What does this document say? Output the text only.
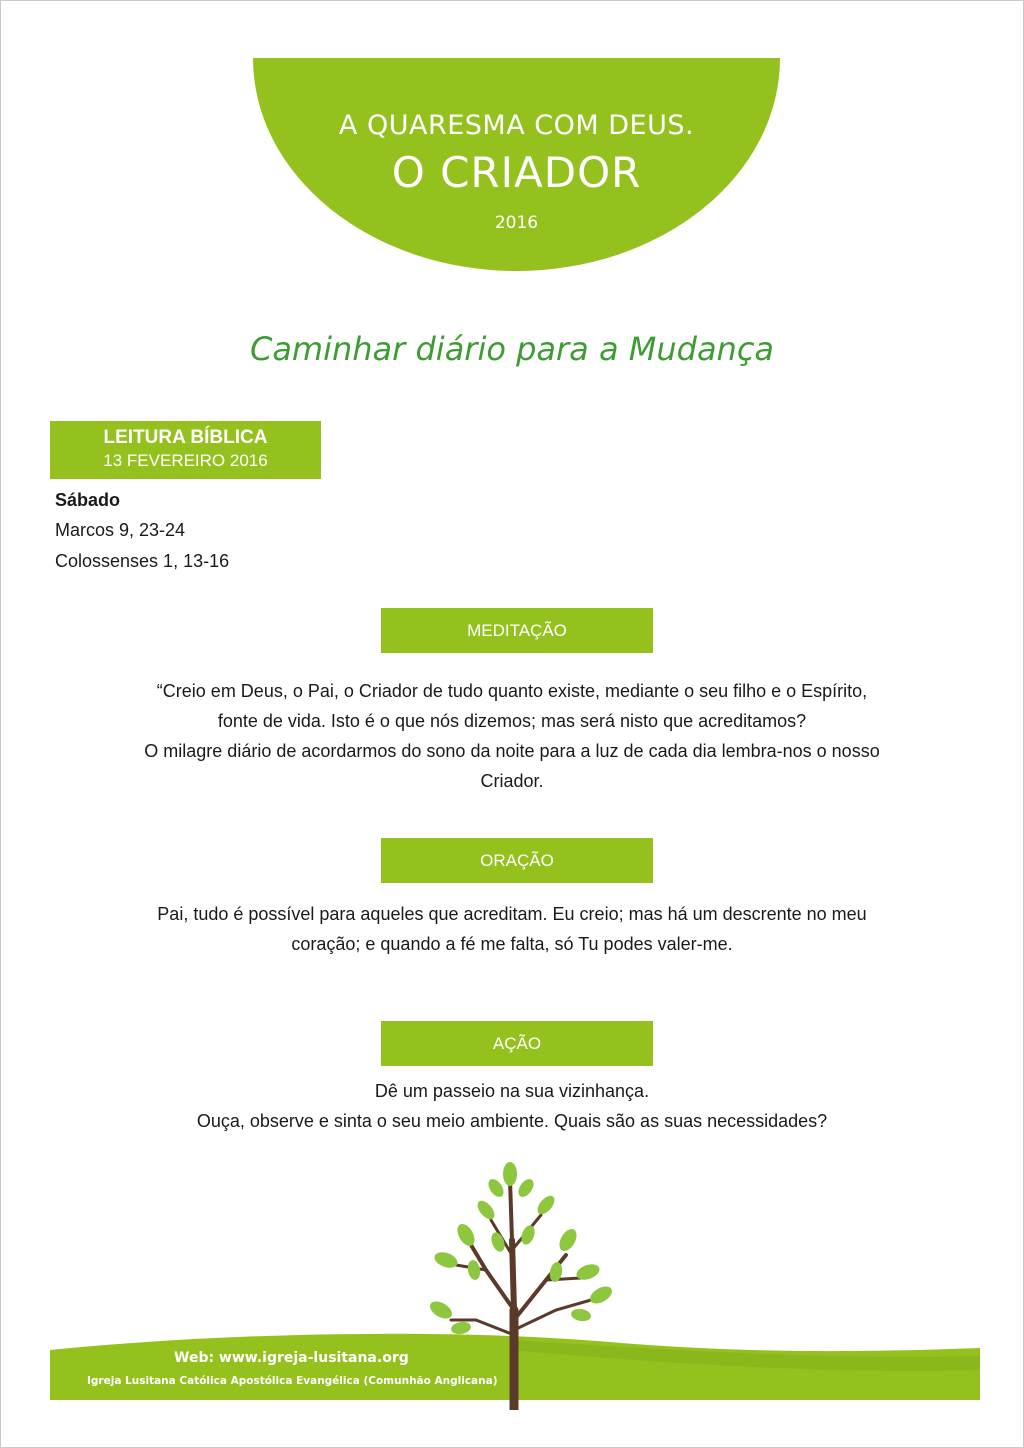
A QUARESMA COM DEUS.
O CRIADOR
2016
Caminhar diário para a Mudança
LEITURA BÍBLICA
13 FEVEREIRO 2016
Sábado
Marcos 9, 23-24
Colossenses 1, 13-16
MEDITAÇÃO
“Creio em Deus, o Pai, o Criador de tudo quanto existe, mediante o seu filho e o Espírito,
fonte de vida. Isto é o que nós dizemos; mas será nisto que acreditamos?
O milagre diário de acordarmos do sono da noite para a luz de cada dia lembra-nos o nosso
Criador.
ORAÇÃO
Pai, tudo é possível para aqueles que acreditam. Eu creio; mas há um descrente no meu
coração; e quando a fé me falta, só Tu podes valer-me.
AÇÃO
Dê um passeio na sua vizinhança.
Ouça, observe e sinta o seu meio ambiente. Quais são as suas necessidades?
Web: www.igreja-lusitana.org
Igreja Lusitana Católica Apostólica Evangélica (Comunhão Anglicana)
